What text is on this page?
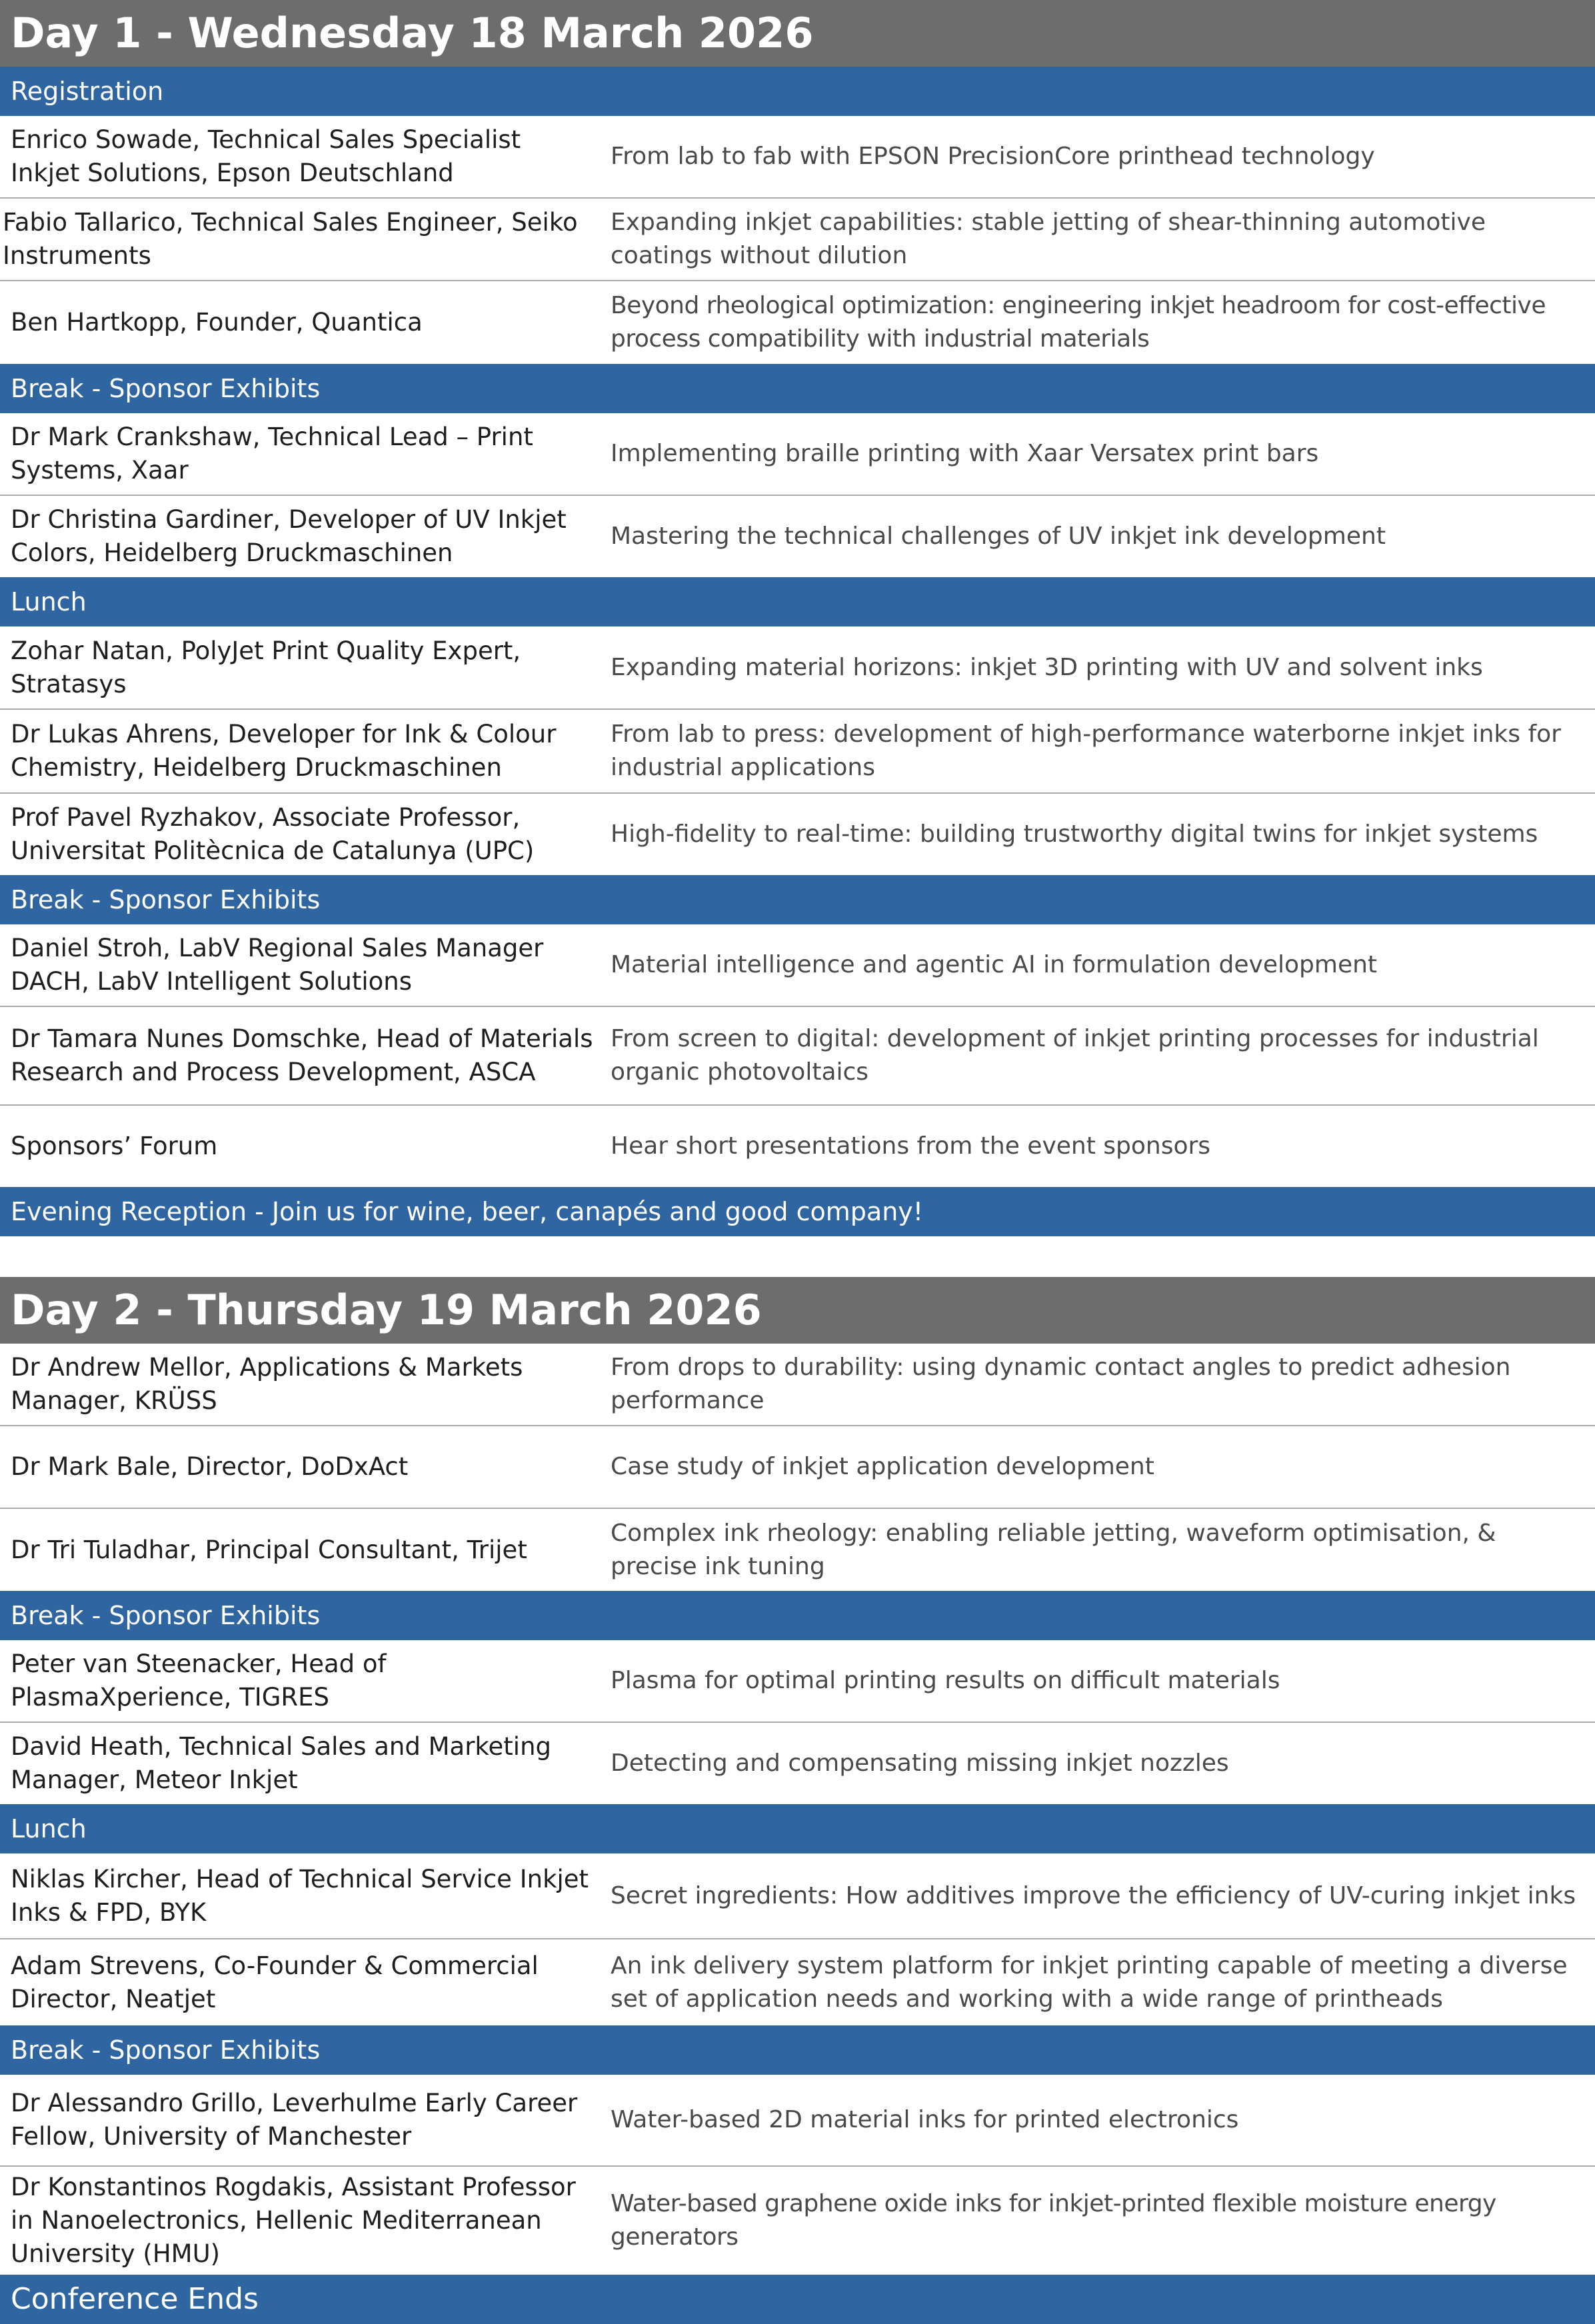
Day 1 - Wednesday 18 March 2026
Registration
Enrico Sowade, Technical Sales Specialist Inkjet Solutions, Epson Deutschland
From lab to fab with EPSON PrecisionCore printhead technology
Fabio Tallarico, Technical Sales Engineer, Seiko Instruments
Expanding inkjet capabilities: stable jetting of shear-thinning automotive coatings without dilution
Ben Hartkopp, Founder, Quantica
Beyond rheological optimization: engineering inkjet headroom for cost-effective process compatibility with industrial materials
Break - Sponsor Exhibits
Dr Mark Crankshaw, Technical Lead – Print Systems, Xaar
Implementing braille printing with Xaar Versatex print bars
Dr Christina Gardiner, Developer of UV Inkjet Colors, Heidelberg Druckmaschinen
Mastering the technical challenges of UV inkjet ink development
Lunch
Zohar Natan, PolyJet Print Quality Expert, Stratasys
Expanding material horizons: inkjet 3D printing with UV and solvent inks
Dr Lukas Ahrens, Developer for Ink & Colour Chemistry, Heidelberg Druckmaschinen
From lab to press: development of high-performance waterborne inkjet inks for industrial applications
Prof Pavel Ryzhakov, Associate Professor, Universitat Politècnica de Catalunya (UPC)
High-fidelity to real-time: building trustworthy digital twins for inkjet systems
Break - Sponsor Exhibits
Daniel Stroh, LabV Regional Sales Manager DACH, LabV Intelligent Solutions
Material intelligence and agentic AI in formulation development
Dr Tamara Nunes Domschke, Head of Materials Research and Process Development, ASCA
From screen to digital: development of inkjet printing processes for industrial organic photovoltaics
Sponsors’ Forum	Hear short presentations from the event sponsors
Evening Reception - Join us for wine, beer, canapés and good company!
Day 2 - Thursday 19 March 2026
Dr Andrew Mellor, Applications & Markets Manager, KRÜSS
From drops to durability: using dynamic contact angles to predict adhesion performance
Dr Mark Bale, Director, DoDxAct	Case study of inkjet application development
Dr Tri Tuladhar, Principal Consultant, Trijet
Complex ink rheology: enabling reliable jetting, waveform optimisation, & precise ink tuning
Break - Sponsor Exhibits
Peter van Steenacker, Head of PlasmaXperience, TIGRES
Plasma for optimal printing results on difficult materials
David Heath, Technical Sales and Marketing Manager, Meteor Inkjet
Detecting and compensating missing inkjet nozzles
Lunch
Niklas Kircher, Head of Technical Service Inkjet Inks & FPD, BYK
Secret ingredients: How additives improve the efficiency of UV-curing inkjet inks
Adam Strevens, Co-Founder & Commercial Director, Neatjet
An ink delivery system platform for inkjet printing capable of meeting a diverse set of application needs and working with a wide range of printheads
Break - Sponsor Exhibits
Dr Alessandro Grillo, Leverhulme Early Career Fellow, University of Manchester
Water-based 2D material inks for printed electronics
Dr Konstantinos Rogdakis, Assistant Professor in Nanoelectronics, Hellenic Mediterranean University (HMU)
Water-based graphene oxide inks for inkjet-printed flexible moisture energy generators
Conference Ends
